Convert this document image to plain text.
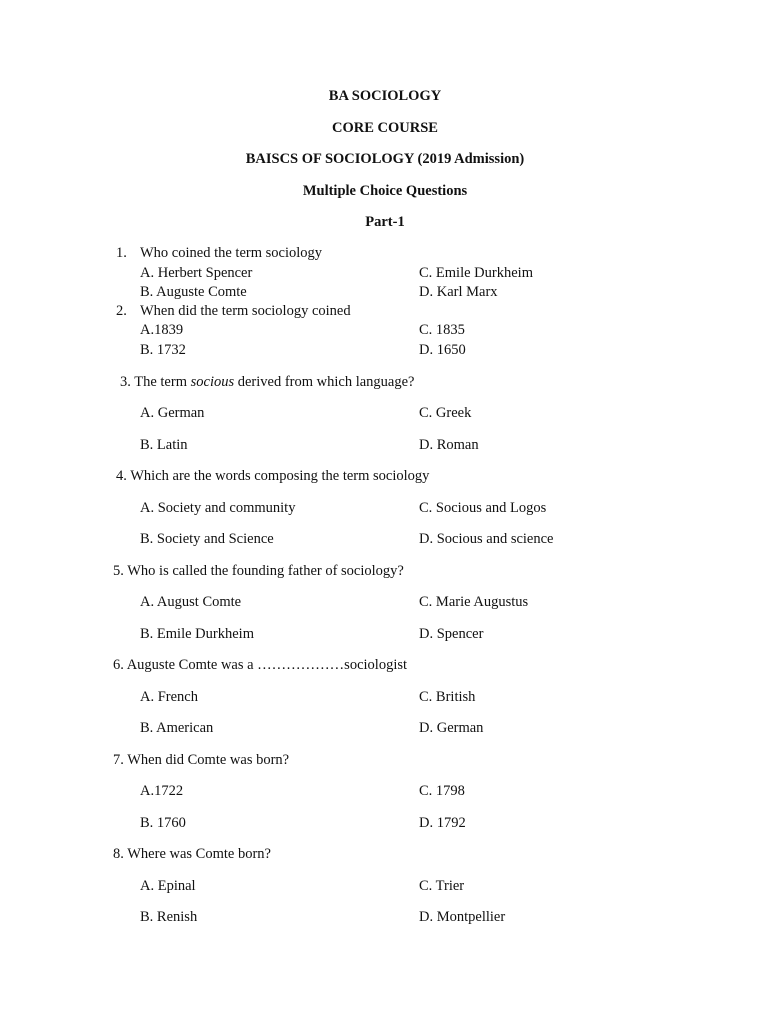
BA SOCIOLOGY
CORE COURSE
BAISCS OF SOCIOLOGY (2019 Admission)
Multiple Choice Questions
Part-1
1. Who coined the term sociology
A. Herbert Spencer	C. Emile Durkheim
B. Auguste Comte	D. Karl Marx
2. When did the term sociology coined
A.1839	C. 1835
B. 1732	D. 1650
3. The term socious derived from which language?
A. German	C. Greek
B. Latin	D. Roman
4. Which are the words composing the term sociology
A. Society and community	C. Socious and Logos
B. Society and Science	D. Socious and science
5. Who is called the founding father of sociology?
A. August Comte	C. Marie Augustus
B. Emile Durkheim	D. Spencer
6. Auguste Comte was a ………………sociologist
A. French	C. British
B. American	D. German
7. When did Comte was born?
A.1722	C. 1798
B. 1760	D. 1792
8. Where was Comte born?
A. Epinal	C. Trier
B. Renish	D. Montpellier
